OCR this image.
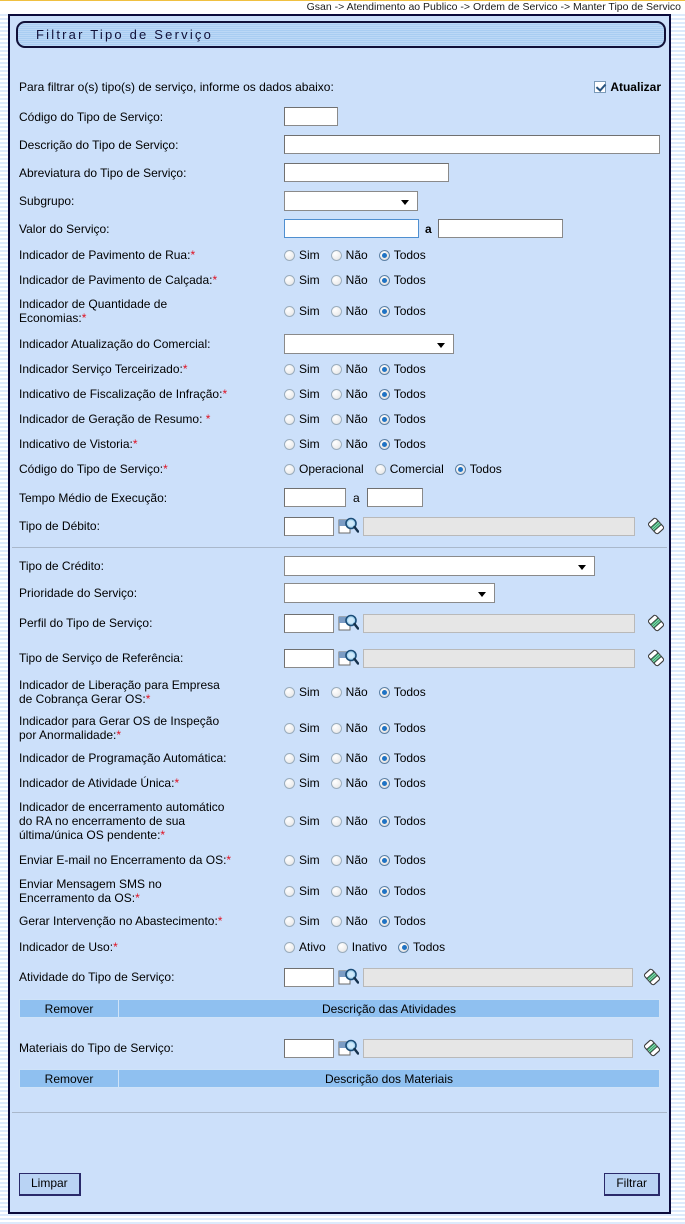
Gsan -> Atendimento ao Publico -> Ordem de Servico -> Manter Tipo de Servico
Filtrar Tipo de Serviço
Para filtrar o(s) tipo(s) de serviço, informe os dados abaixo:	Atualizar
Código do Tipo de Serviço:
Descrição do Tipo de Serviço:
Abreviatura do Tipo de Serviço:
Subgrupo:
Valor do Serviço:	a
Indicador de Pavimento de Rua:*	Sim Não Todos
Indicador de Pavimento de Calçada:*	Sim Não Todos
Indicador de Quantidade de
Economias:*	Sim Não Todos
Indicador Atualização do Comercial:
Indicador Serviço Terceirizado:*	Sim Não Todos
Indicativo de Fiscalização de Infração:*	Sim Não Todos
Indicador de Geração de Resumo: *	Sim Não Todos
Indicativo de Vistoria:*	Sim Não Todos
Código do Tipo de Serviço:*	Operacional Comercial Todos
Tempo Médio de Execução:	a
Tipo de Débito:
Tipo de Crédito:
Prioridade do Serviço:
Perfil do Tipo de Serviço:
Tipo de Serviço de Referência:
Indicador de Liberação para Empresa
de Cobrança Gerar OS:*	Sim Não Todos
Indicador para Gerar OS de Inspeção
por Anormalidade:*	Sim Não Todos
Indicador de Programação Automática:	Sim Não Todos
Indicador de Atividade Única:*	Sim Não Todos
Indicador de encerramento automático
do RA no encerramento de sua
última/única OS pendente:*
Sim Não Todos
Enviar E-mail no Encerramento da OS:*	Sim Não Todos
Enviar Mensagem SMS no
Encerramento da OS:*	Sim Não Todos
Gerar Intervenção no Abastecimento:*	Sim Não Todos
Indicador de Uso:*	Ativo Inativo Todos
Atividade do Tipo de Serviço:
Remover	Descrição das Atividades
Materiais do Tipo de Serviço:
Remover	Descrição dos Materiais
Limpar	Filtrar
